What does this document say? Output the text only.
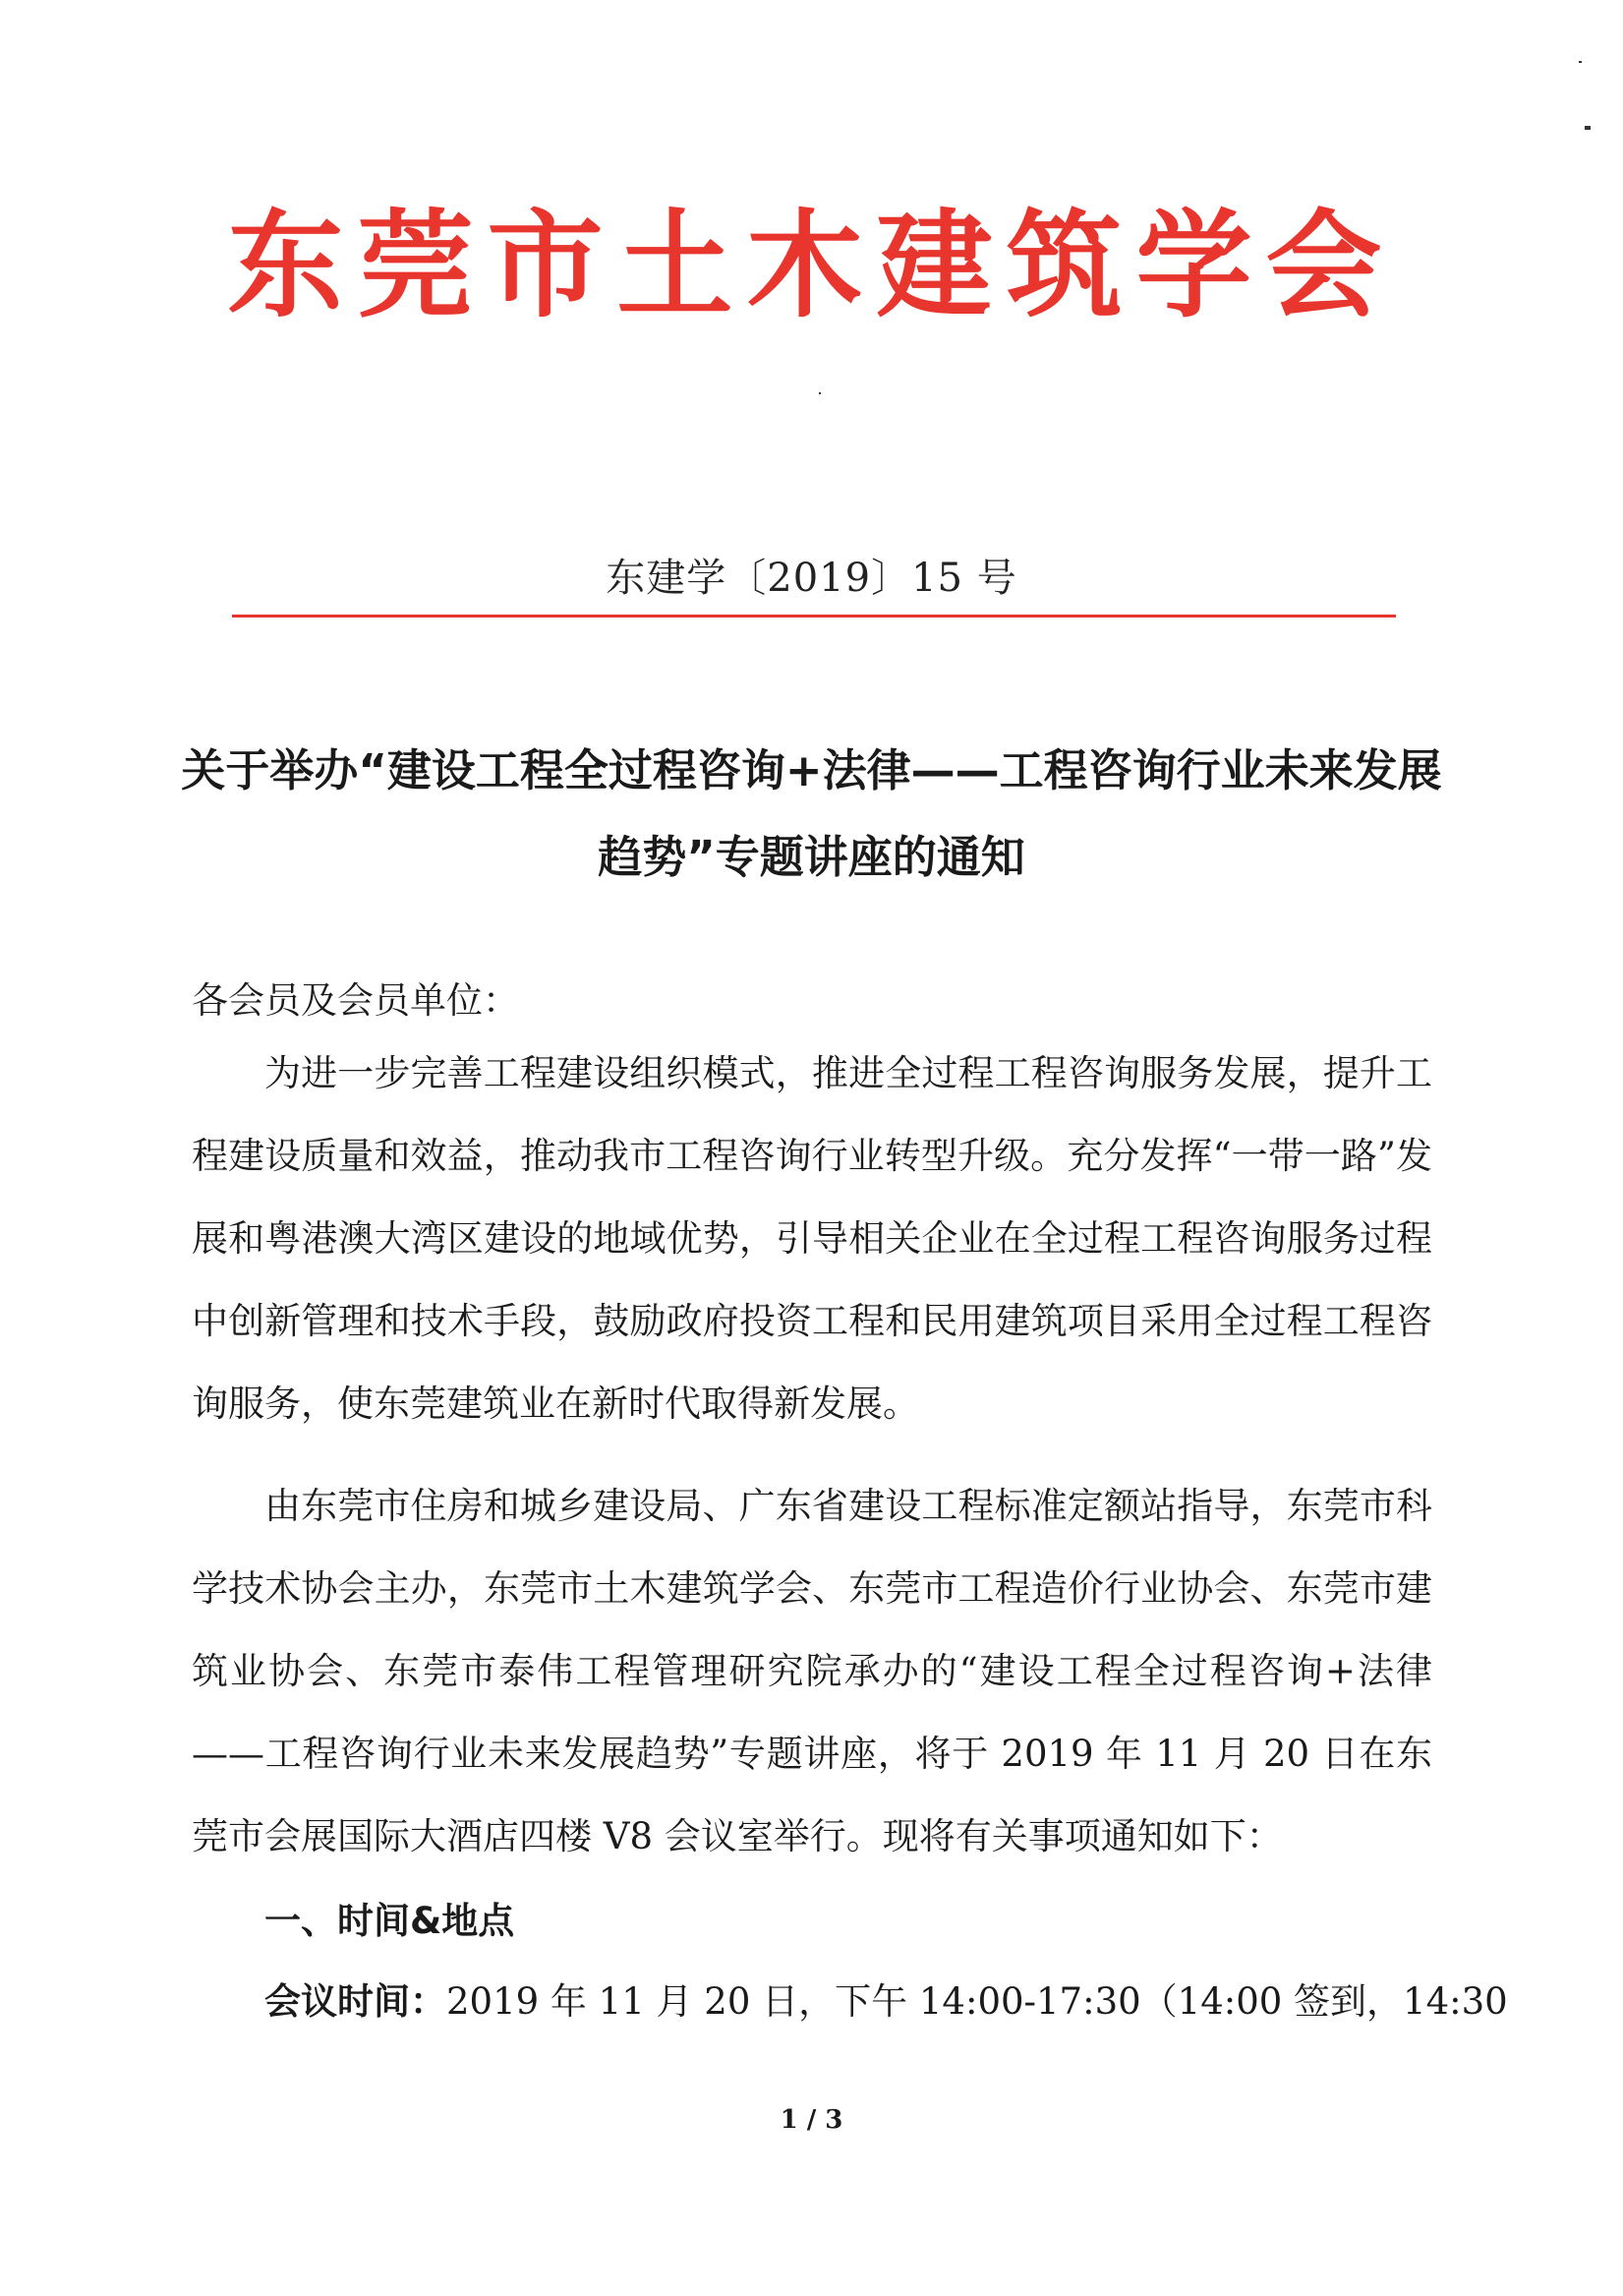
东莞市土木建筑学会
东建学〔2019〕15 号
关于举办“建设工程全过程咨询+法律——工程咨询行业未来发展趋势”专题讲座的通知
各会员及会员单位：
为进一步完善工程建设组织模式，推进全过程工程咨询服务发展，提升工程建设质量和效益，推动我市工程咨询行业转型升级。充分发挥“一带一路”发展和粤港澳大湾区建设的地域优势，引导相关企业在全过程工程咨询服务过程中创新管理和技术手段，鼓励政府投资工程和民用建筑项目采用全过程工程咨询服务，使东莞建筑业在新时代取得新发展。
由东莞市住房和城乡建设局、广东省建设工程标准定额站指导，东莞市科学技术协会主办，东莞市土木建筑学会、东莞市工程造价行业协会、东莞市建筑业协会、东莞市泰伟工程管理研究院承办的“建设工程全过程咨询+法律——工程咨询行业未来发展趋势”专题讲座，将于 2019 年 11 月 20 日在东莞市会展国际大酒店四楼 V8 会议室举行。现将有关事项通知如下：
一、时间&地点
会议时间：2019 年 11 月 20 日，下午 14:00-17:30（14:00 签到，14:30
1 / 3
